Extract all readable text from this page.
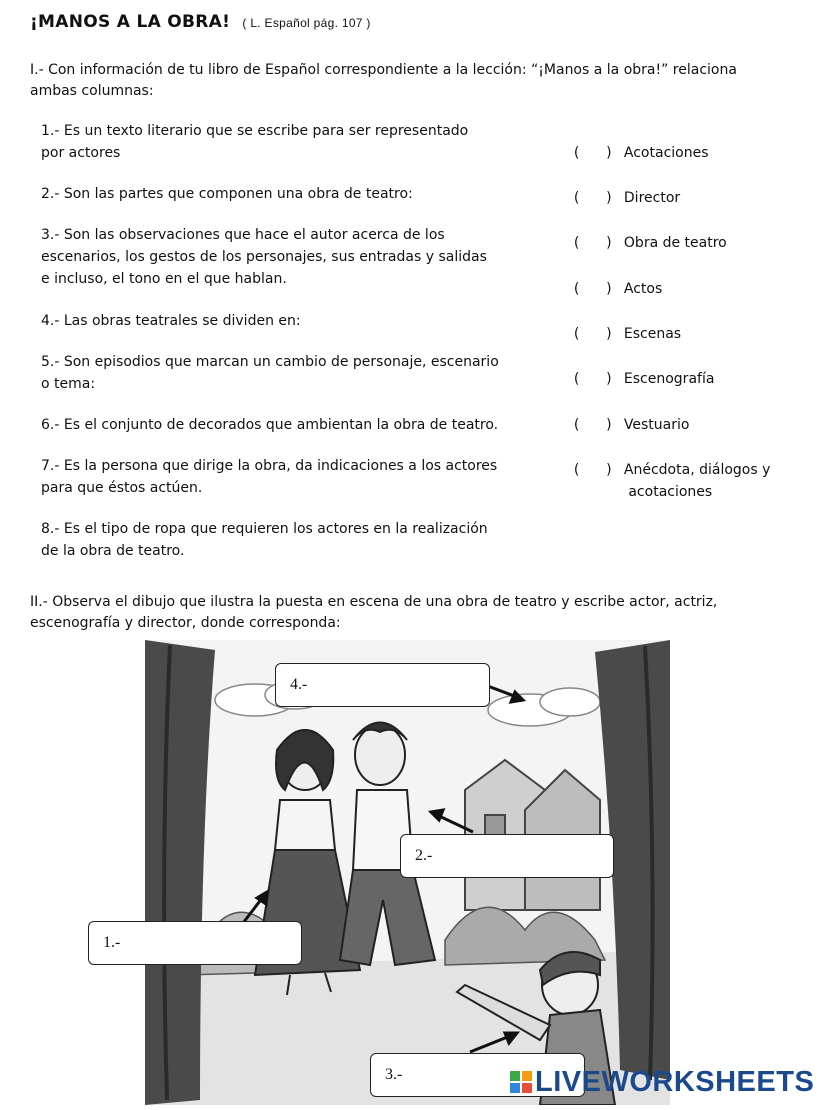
¡MANOS A LA OBRA! ( L. Español pág. 107 )
I.- Con información de tu libro de Español correspondiente a la lección: “¡Manos a la obra!” relaciona
ambas columnas:
1.- Es un texto literario que se escribe para ser representado
por actores
2.- Son las partes que componen una obra de teatro:
3.- Son las observaciones que hace el autor acerca de los
escenarios, los gestos de los personajes, sus entradas y salidas
e incluso, el tono en el que hablan.
4.- Las obras teatrales se dividen en:
5.- Son episodios que marcan un cambio de personaje, escenario
o tema:
6.- Es el conjunto de decorados que ambientan la obra de teatro.
7.- Es la persona que dirige la obra, da indicaciones a los actores
para que éstos actúen.
8.- Es el tipo de ropa que requieren los actores en la realización
de la obra de teatro.

(      ) Acotaciones

(      ) Director

(      ) Obra de teatro

(      ) Actos

(      ) Escenas

(      ) Escenografía

(      ) Vestuario

(      ) Anécdota, diálogos y
acotaciones

II.- Observa el dibujo que ilustra la puesta en escena de una obra de teatro y escribe actor, actriz,
escenografía y director, donde corresponda:
4.-
2.-
1.-
3.-	LIVEWORKSHEETS
